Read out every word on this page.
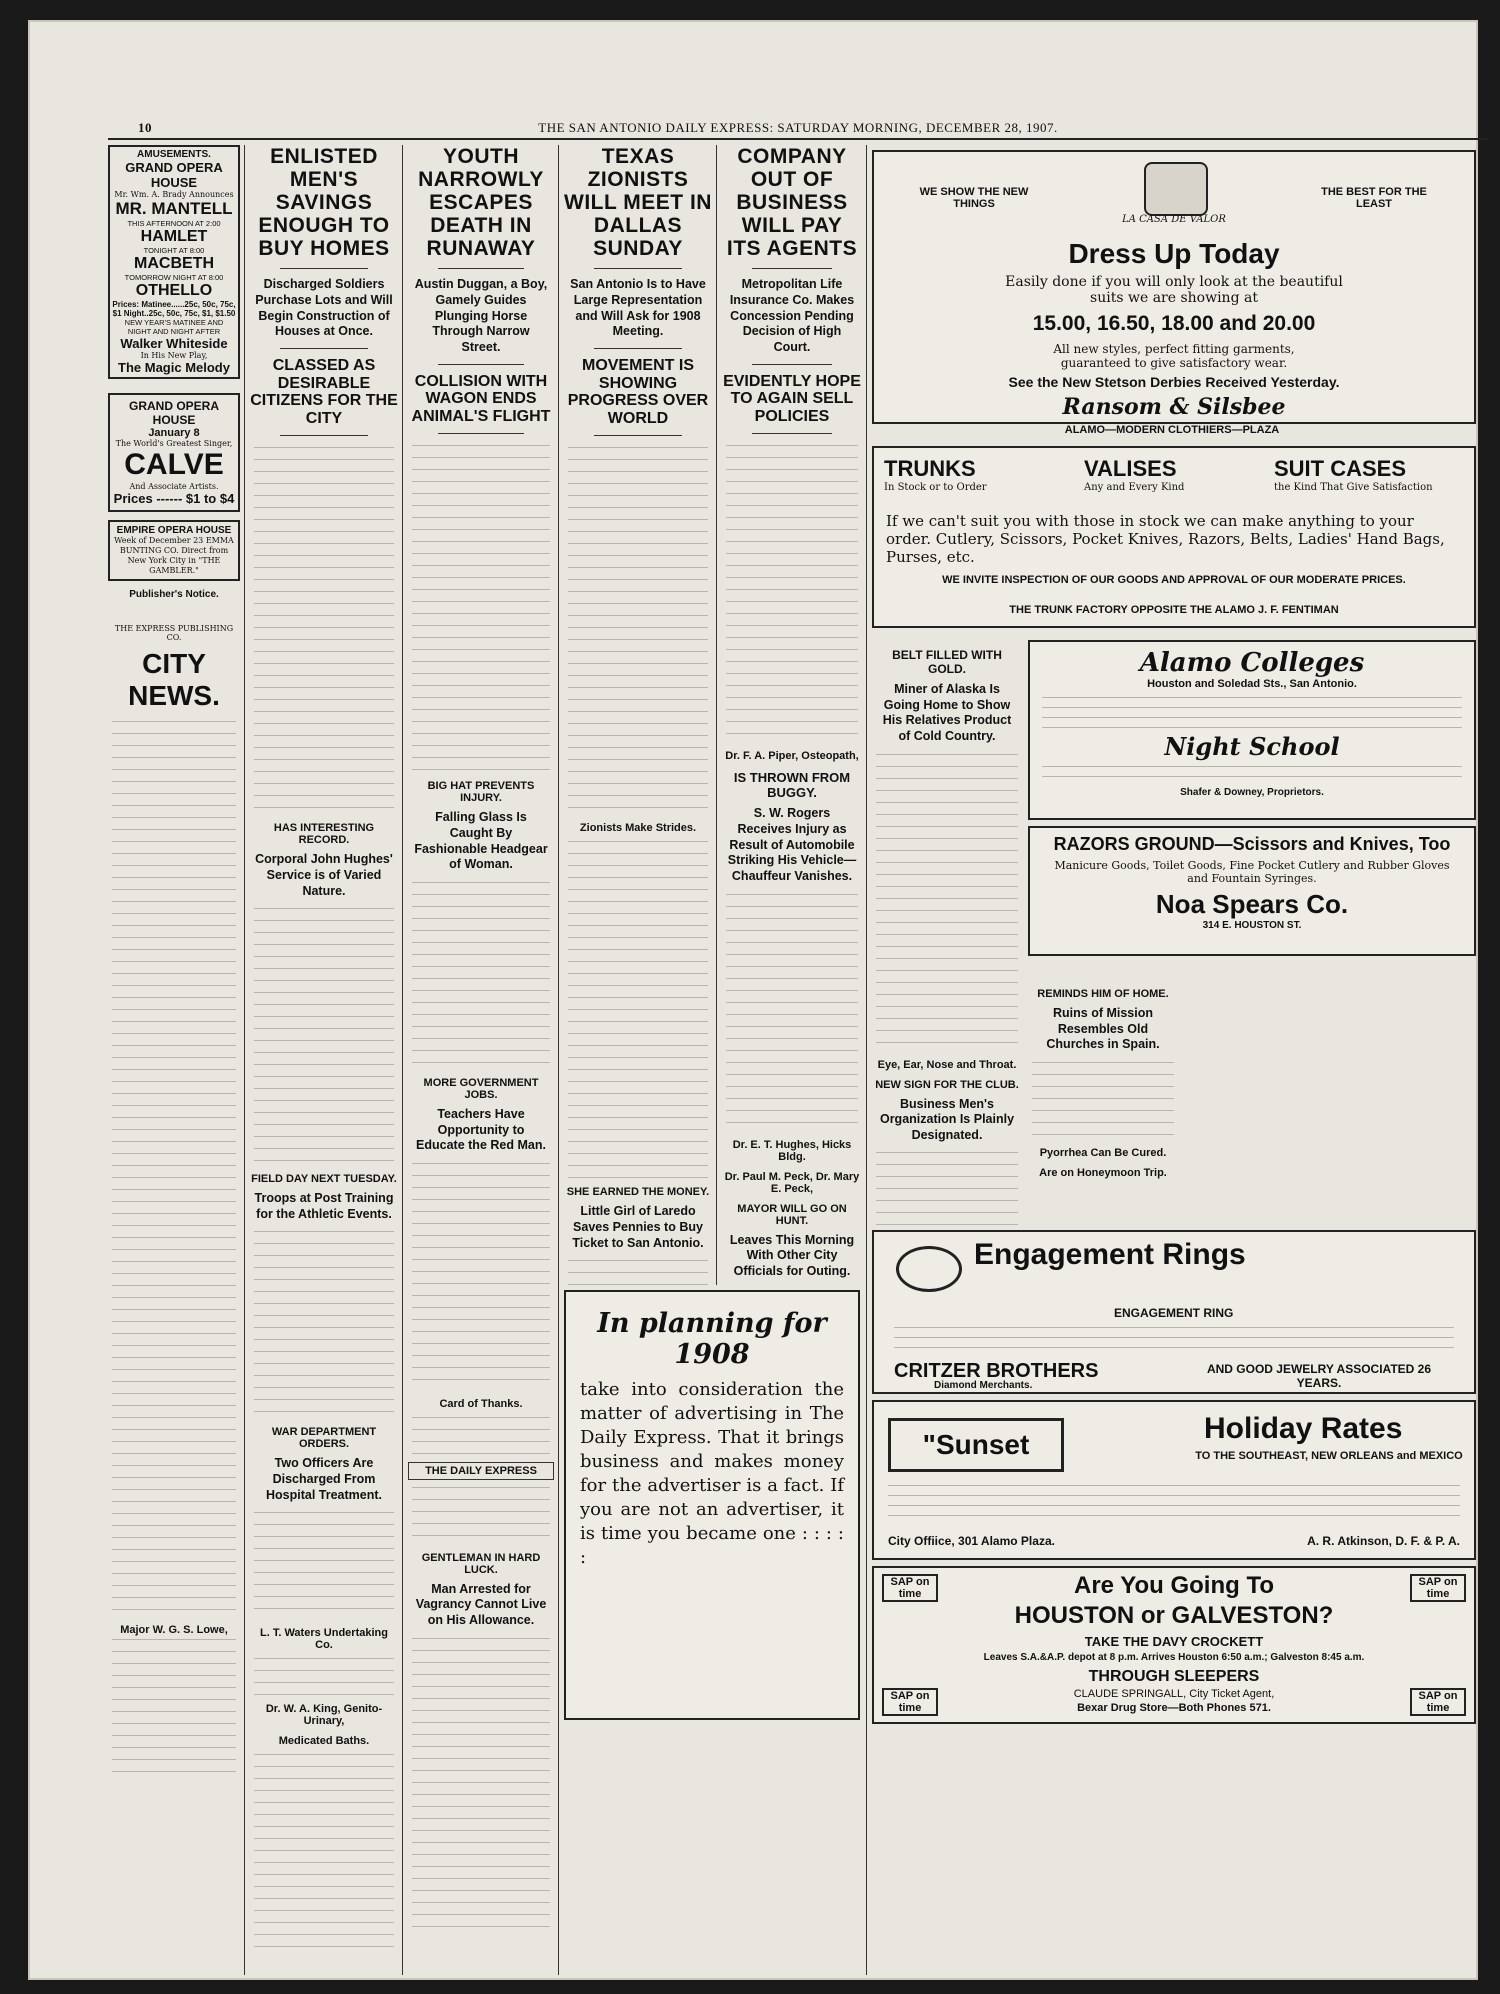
10	THE SAN ANTONIO DAILY EXPRESS: SATURDAY MORNING, DECEMBER 28, 1907.
AMUSEMENTS.
GRAND OPERA HOUSE
Mr. Wm. A. Brady Announces
MR. MANTELL
THIS AFTERNOON AT 2:00
HAMLET
TONIGHT AT 8:00
MACBETH
TOMORROW NIGHT AT 8:00
OTHELLO
Prices: Matinee......25c, 50c, 75c, $1 Night..25c, 50c, 75c, $1, $1.50
NEW YEAR'S MATINEE AND NIGHT AND NIGHT AFTER
Walker Whiteside
In His New Play,
The Magic Melody
GRAND OPERA HOUSE
January 8
The World's Greatest Singer,
CALVE
And Associate Artists.
Prices ------ $1 to $4
EMPIRE OPERA HOUSE
Week of December 23 EMMA BUNTING CO. Direct from New York City in "THE GAMBLER."
Publisher's Notice.
THE EXPRESS PUBLISHING CO.
CITY NEWS.
Major W. G. S. Lowe,
ENLISTED MEN'S SAVINGS ENOUGH TO BUY HOMES
Discharged Soldiers Purchase Lots and Will Begin Construction of Houses at Once.
CLASSED AS DESIRABLE CITIZENS FOR THE CITY
HAS INTERESTING RECORD.
Corporal John Hughes' Service is of Varied Nature.
FIELD DAY NEXT TUESDAY.
Troops at Post Training for the Athletic Events.
WAR DEPARTMENT ORDERS.
Two Officers Are Discharged From Hospital Treatment.
L. T. Waters Undertaking Co.
Dr. W. A. King, Genito-Urinary,
Medicated Baths.
YOUTH NARROWLY ESCAPES DEATH IN RUNAWAY
Austin Duggan, a Boy, Gamely Guides Plunging Horse Through Narrow Street.
COLLISION WITH WAGON ENDS ANIMAL'S FLIGHT
BIG HAT PREVENTS INJURY.
Falling Glass Is Caught By Fashionable Headgear of Woman.
MORE GOVERNMENT JOBS.
Teachers Have Opportunity to Educate the Red Man.
Card of Thanks.
THE DAILY EXPRESS
GENTLEMAN IN HARD LUCK.
Man Arrested for Vagrancy Cannot Live on His Allowance.
TEXAS ZIONISTS WILL MEET IN DALLAS SUNDAY
San Antonio Is to Have Large Representation and Will Ask for 1908 Meeting.
MOVEMENT IS SHOWING PROGRESS OVER WORLD
Zionists Make Strides.
SHE EARNED THE MONEY.
Little Girl of Laredo Saves Pennies to Buy Ticket to San Antonio.
COMPANY OUT OF BUSINESS WILL PAY ITS AGENTS
Metropolitan Life Insurance Co. Makes Concession Pending Decision of High Court.
EVIDENTLY HOPE TO AGAIN SELL POLICIES
Dr. F. A. Piper, Osteopath,
IS THROWN FROM BUGGY.
S. W. Rogers Receives Injury as Result of Automobile Striking His Vehicle—Chauffeur Vanishes.
Dr. E. T. Hughes, Hicks Bldg.
Dr. Paul M. Peck, Dr. Mary E. Peck,
MAYOR WILL GO ON HUNT.
Leaves This Morning With Other City Officials for Outing.
In planning for 1908
take into consideration the matter of advertising in The Daily Express. That it brings business and makes money for the advertiser is a fact. If you are not an advertiser, it is time you became one : : : : :
BELT FILLED WITH GOLD.
Miner of Alaska Is Going Home to Show His Relatives Product of Cold Country.
Eye, Ear, Nose and Throat.
NEW SIGN FOR THE CLUB.
Business Men's Organization Is Plainly Designated.
REMINDS HIM OF HOME.
Ruins of Mission Resembles Old Churches in Spain.
Pyorrhea Can Be Cured.
Are on Honeymoon Trip.
WE SHOW THE NEW THINGS
THE BEST FOR THE LEAST
LA CASA DE VALOR
Dress Up Today
Easily done if you will only look at the beautiful suits we are showing at
15.00, 16.50, 18.00 and 20.00
All new styles, perfect fitting garments, guaranteed to give satisfactory wear.
See the New Stetson Derbies Received Yesterday.
Ransom & Silsbee
ALAMO—MODERN CLOTHIERS—PLAZA
TRUNKS
In Stock or to Order
VALISES
Any and Every Kind
SUIT CASES
the Kind That Give Satisfaction
If we can't suit you with those in stock we can make anything to your order. Cutlery, Scissors, Pocket Knives, Razors, Belts, Ladies' Hand Bags, Purses, etc.
WE INVITE INSPECTION OF OUR GOODS AND APPROVAL OF OUR MODERATE PRICES.
THE TRUNK FACTORY OPPOSITE THE ALAMO J. F. FENTIMAN
Alamo Colleges
Houston and Soledad Sts., San Antonio.
Night School
Shafer & Downey, Proprietors.
RAZORS GROUND—Scissors and Knives, Too
Manicure Goods, Toilet Goods, Fine Pocket Cutlery and Rubber Gloves and Fountain Syringes.
Noa Spears Co.
314 E. HOUSTON ST.
Engagement Rings
ENGAGEMENT RING
CRITZER BROTHERS
Diamond Merchants.
AND GOOD JEWELRY ASSOCIATED 26 YEARS.
"Sunset	Holiday Rates
TO THE SOUTHEAST, NEW ORLEANS and MEXICO
City Offiice, 301 Alamo Plaza.	A. R. Atkinson, D. F. & P. A.
SAP on time
SAP on time
SAP on time
SAP on time
Are You Going To
HOUSTON or GALVESTON?
TAKE THE DAVY CROCKETT
Leaves S.A.&A.P. depot at 8 p.m. Arrives Houston 6:50 a.m.; Galveston 8:45 a.m.
THROUGH SLEEPERS
CLAUDE SPRINGALL, City Ticket Agent,
Bexar Drug Store—Both Phones 571.
